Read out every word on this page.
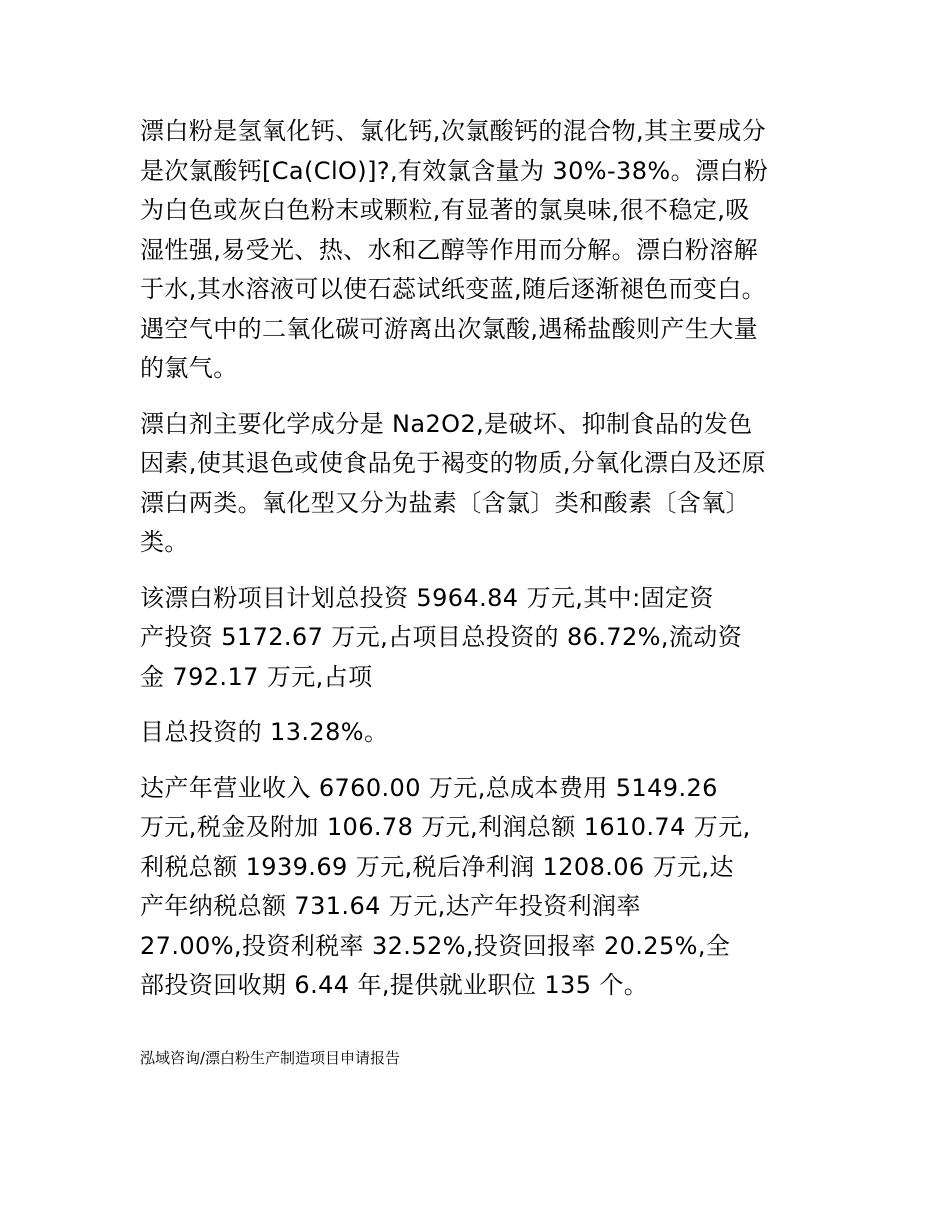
漂白粉是氢氧化钙、氯化钙,次氯酸钙的混合物,其主要成分
是次氯酸钙[Ca(ClO)]?,有效氯含量为 30%-38%。漂白粉
为白色或灰白色粉末或颗粒,有显著的氯臭味,很不稳定,吸
湿性强,易受光、热、水和乙醇等作用而分解。漂白粉溶解
于水,其水溶液可以使石蕊试纸变蓝,随后逐渐褪色而变白。
遇空气中的二氧化碳可游离出次氯酸,遇稀盐酸则产生大量
的氯气。

漂白剂主要化学成分是 Na2O2,是破坏、抑制食品的发色
因素,使其退色或使食品免于褐变的物质,分氧化漂白及还原
漂白两类。氧化型又分为盐素〔含氯〕类和酸素〔含氧〕
类。

该漂白粉项目计划总投资 5964.84 万元,其中:固定资
产投资 5172.67 万元,占项目总投资的 86.72%,流动资
金 792.17 万元,占项

目总投资的 13.28%。

达产年营业收入 6760.00 万元,总成本费用 5149.26
万元,税金及附加 106.78 万元,利润总额 1610.74 万元,
利税总额 1939.69 万元,税后净利润 1208.06 万元,达
产年纳税总额 731.64 万元,达产年投资利润率
27.00%,投资利税率 32.52%,投资回报率 20.25%,全
部投资回收期 6.44 年,提供就业职位 135 个。

泓域咨询/漂白粉生产制造项目申请报告
